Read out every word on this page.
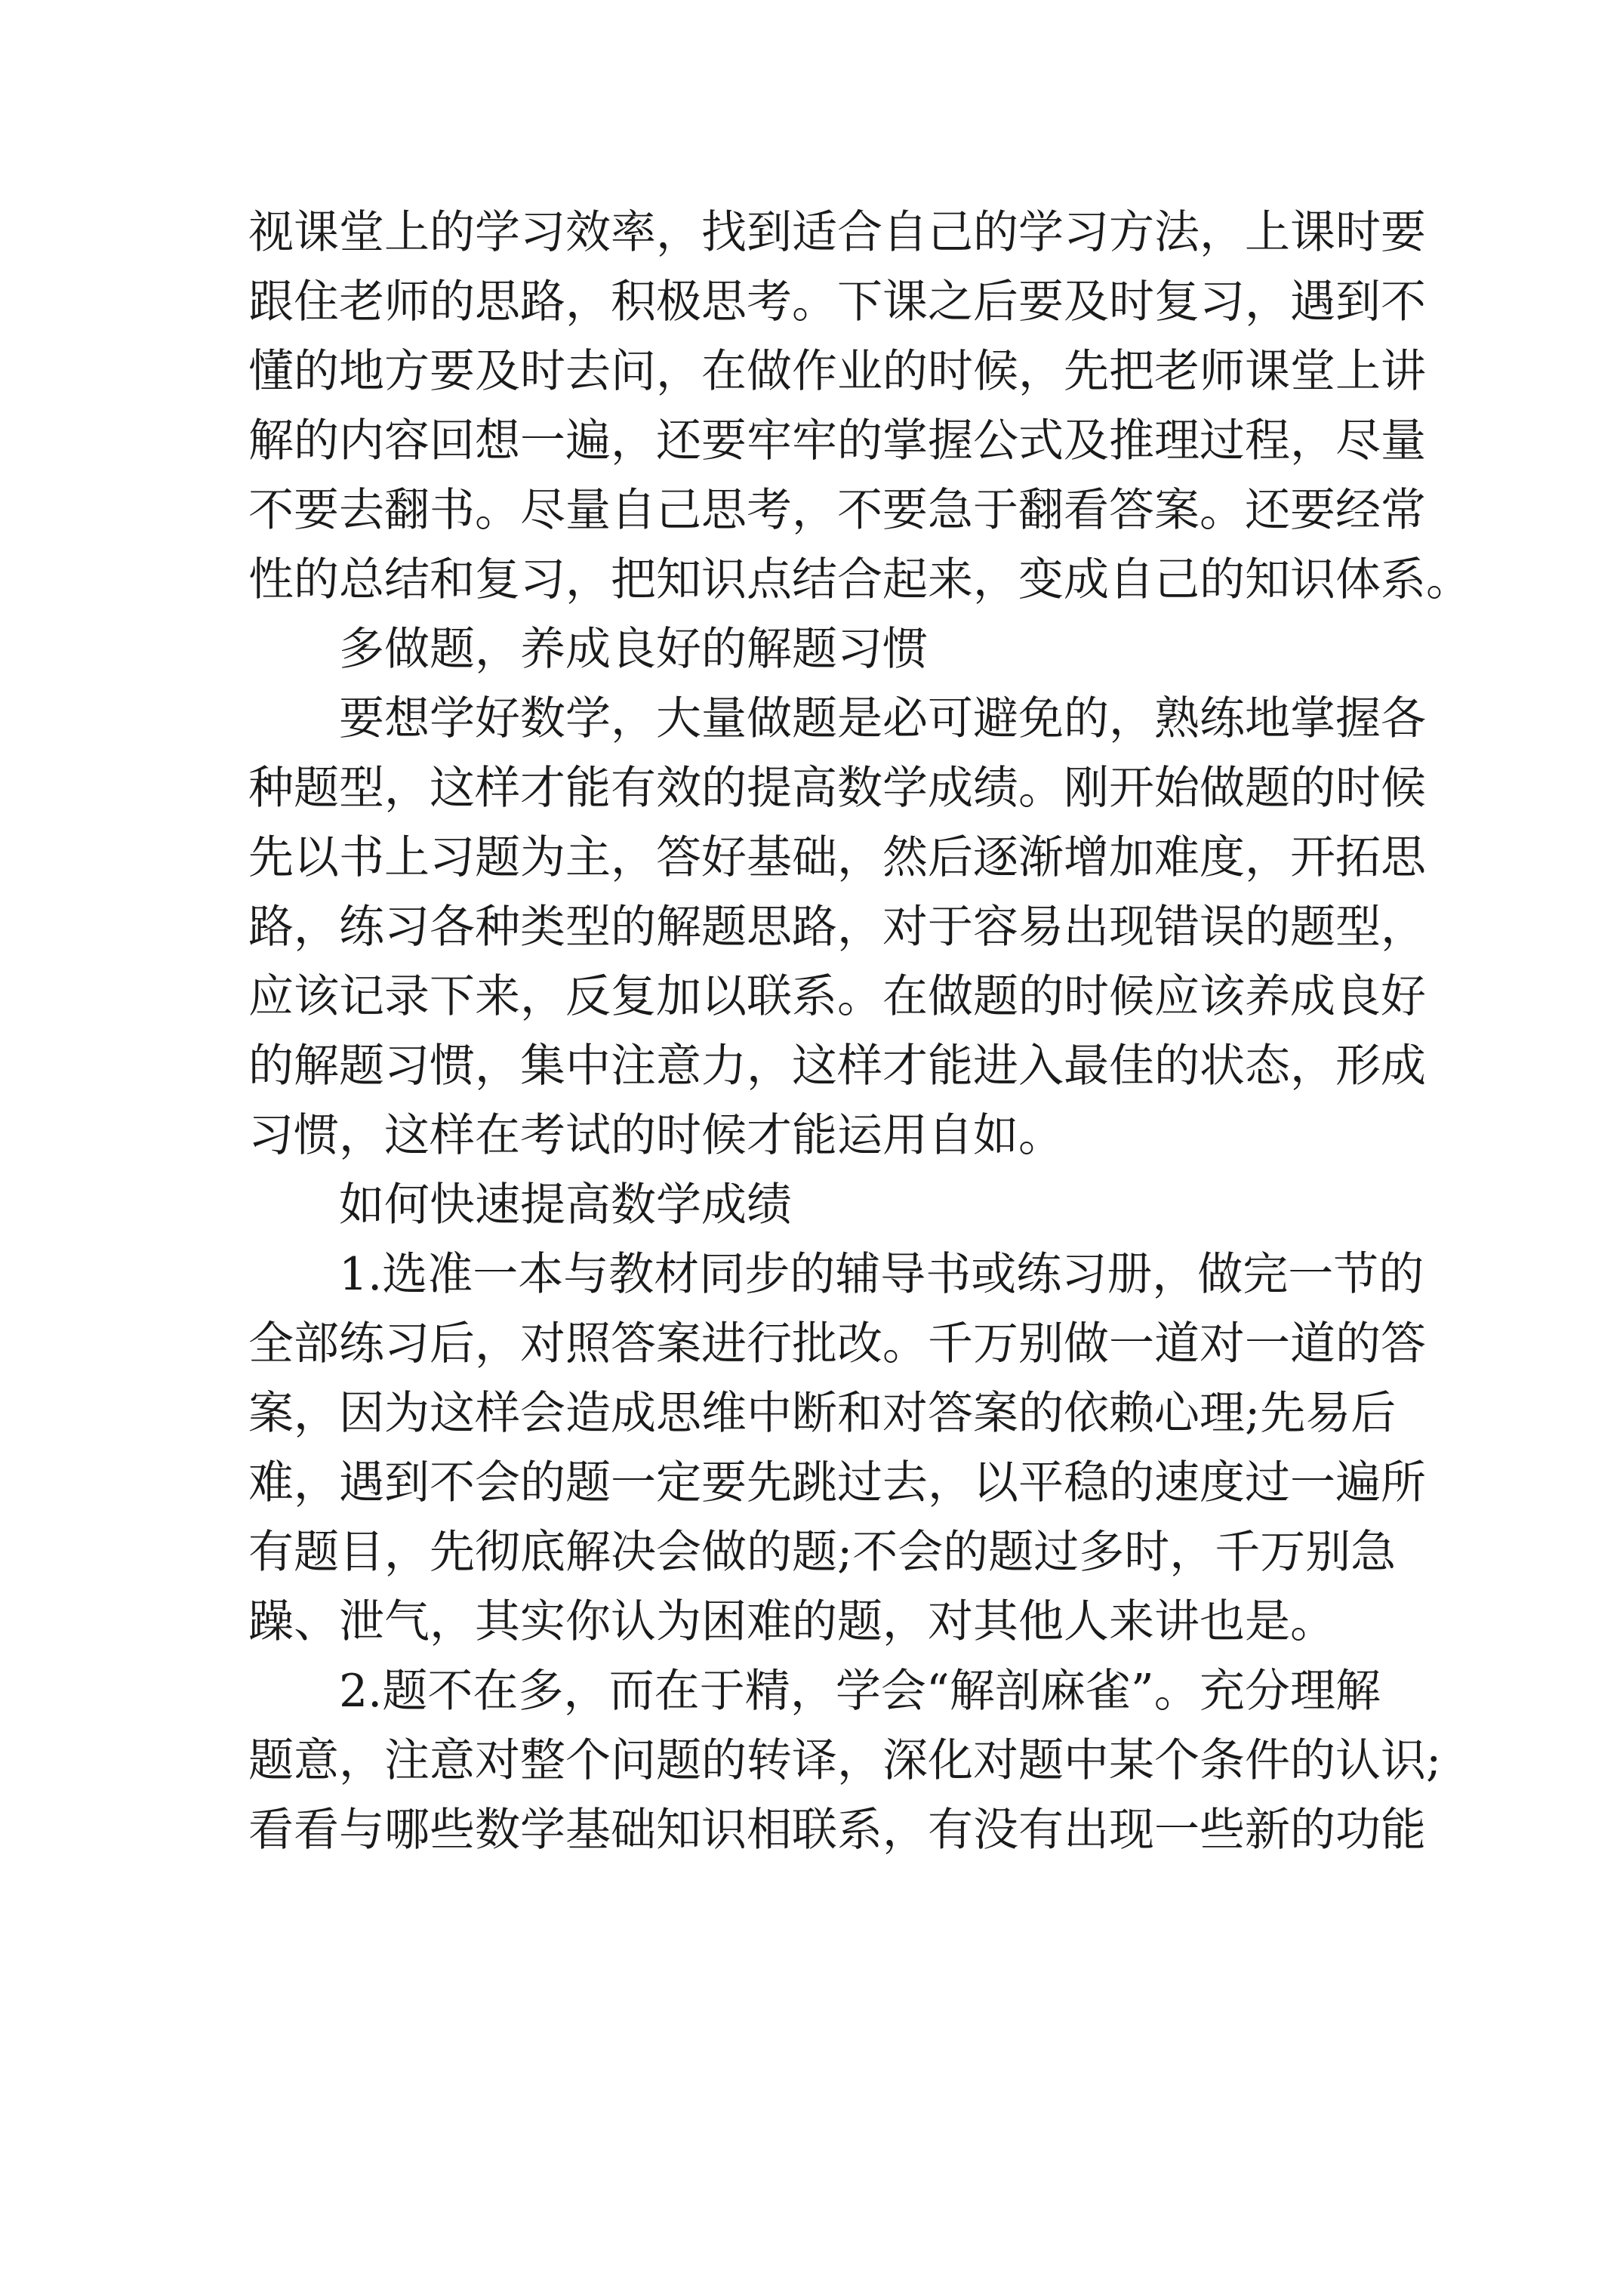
视课堂上的学习效率，找到适合自己的学习方法，上课时要
跟住老师的思路，积极思考。下课之后要及时复习，遇到不
懂的地方要及时去问，在做作业的时候，先把老师课堂上讲
解的内容回想一遍，还要牢牢的掌握公式及推理过程，尽量
不要去翻书。尽量自己思考，不要急于翻看答案。还要经常
性的总结和复习，把知识点结合起来，变成自己的知识体系。
多做题，养成良好的解题习惯
要想学好数学，大量做题是必可避免的，熟练地掌握各
种题型，这样才能有效的提高数学成绩。刚开始做题的时候
先以书上习题为主，答好基础，然后逐渐增加难度，开拓思
路，练习各种类型的解题思路，对于容易出现错误的题型，
应该记录下来，反复加以联系。在做题的时候应该养成良好
的解题习惯，集中注意力，这样才能进入最佳的状态，形成
习惯，这样在考试的时候才能运用自如。
如何快速提高数学成绩
1.选准一本与教材同步的辅导书或练习册，做完一节的
全部练习后，对照答案进行批改。千万别做一道对一道的答
案，因为这样会造成思维中断和对答案的依赖心理;先易后
难，遇到不会的题一定要先跳过去，以平稳的速度过一遍所
有题目，先彻底解决会做的题;不会的题过多时，千万别急
躁、泄气，其实你认为困难的题，对其他人来讲也是。
2.题不在多，而在于精，学会“解剖麻雀”。充分理解
题意，注意对整个问题的转译，深化对题中某个条件的认识;
看看与哪些数学基础知识相联系，有没有出现一些新的功能
